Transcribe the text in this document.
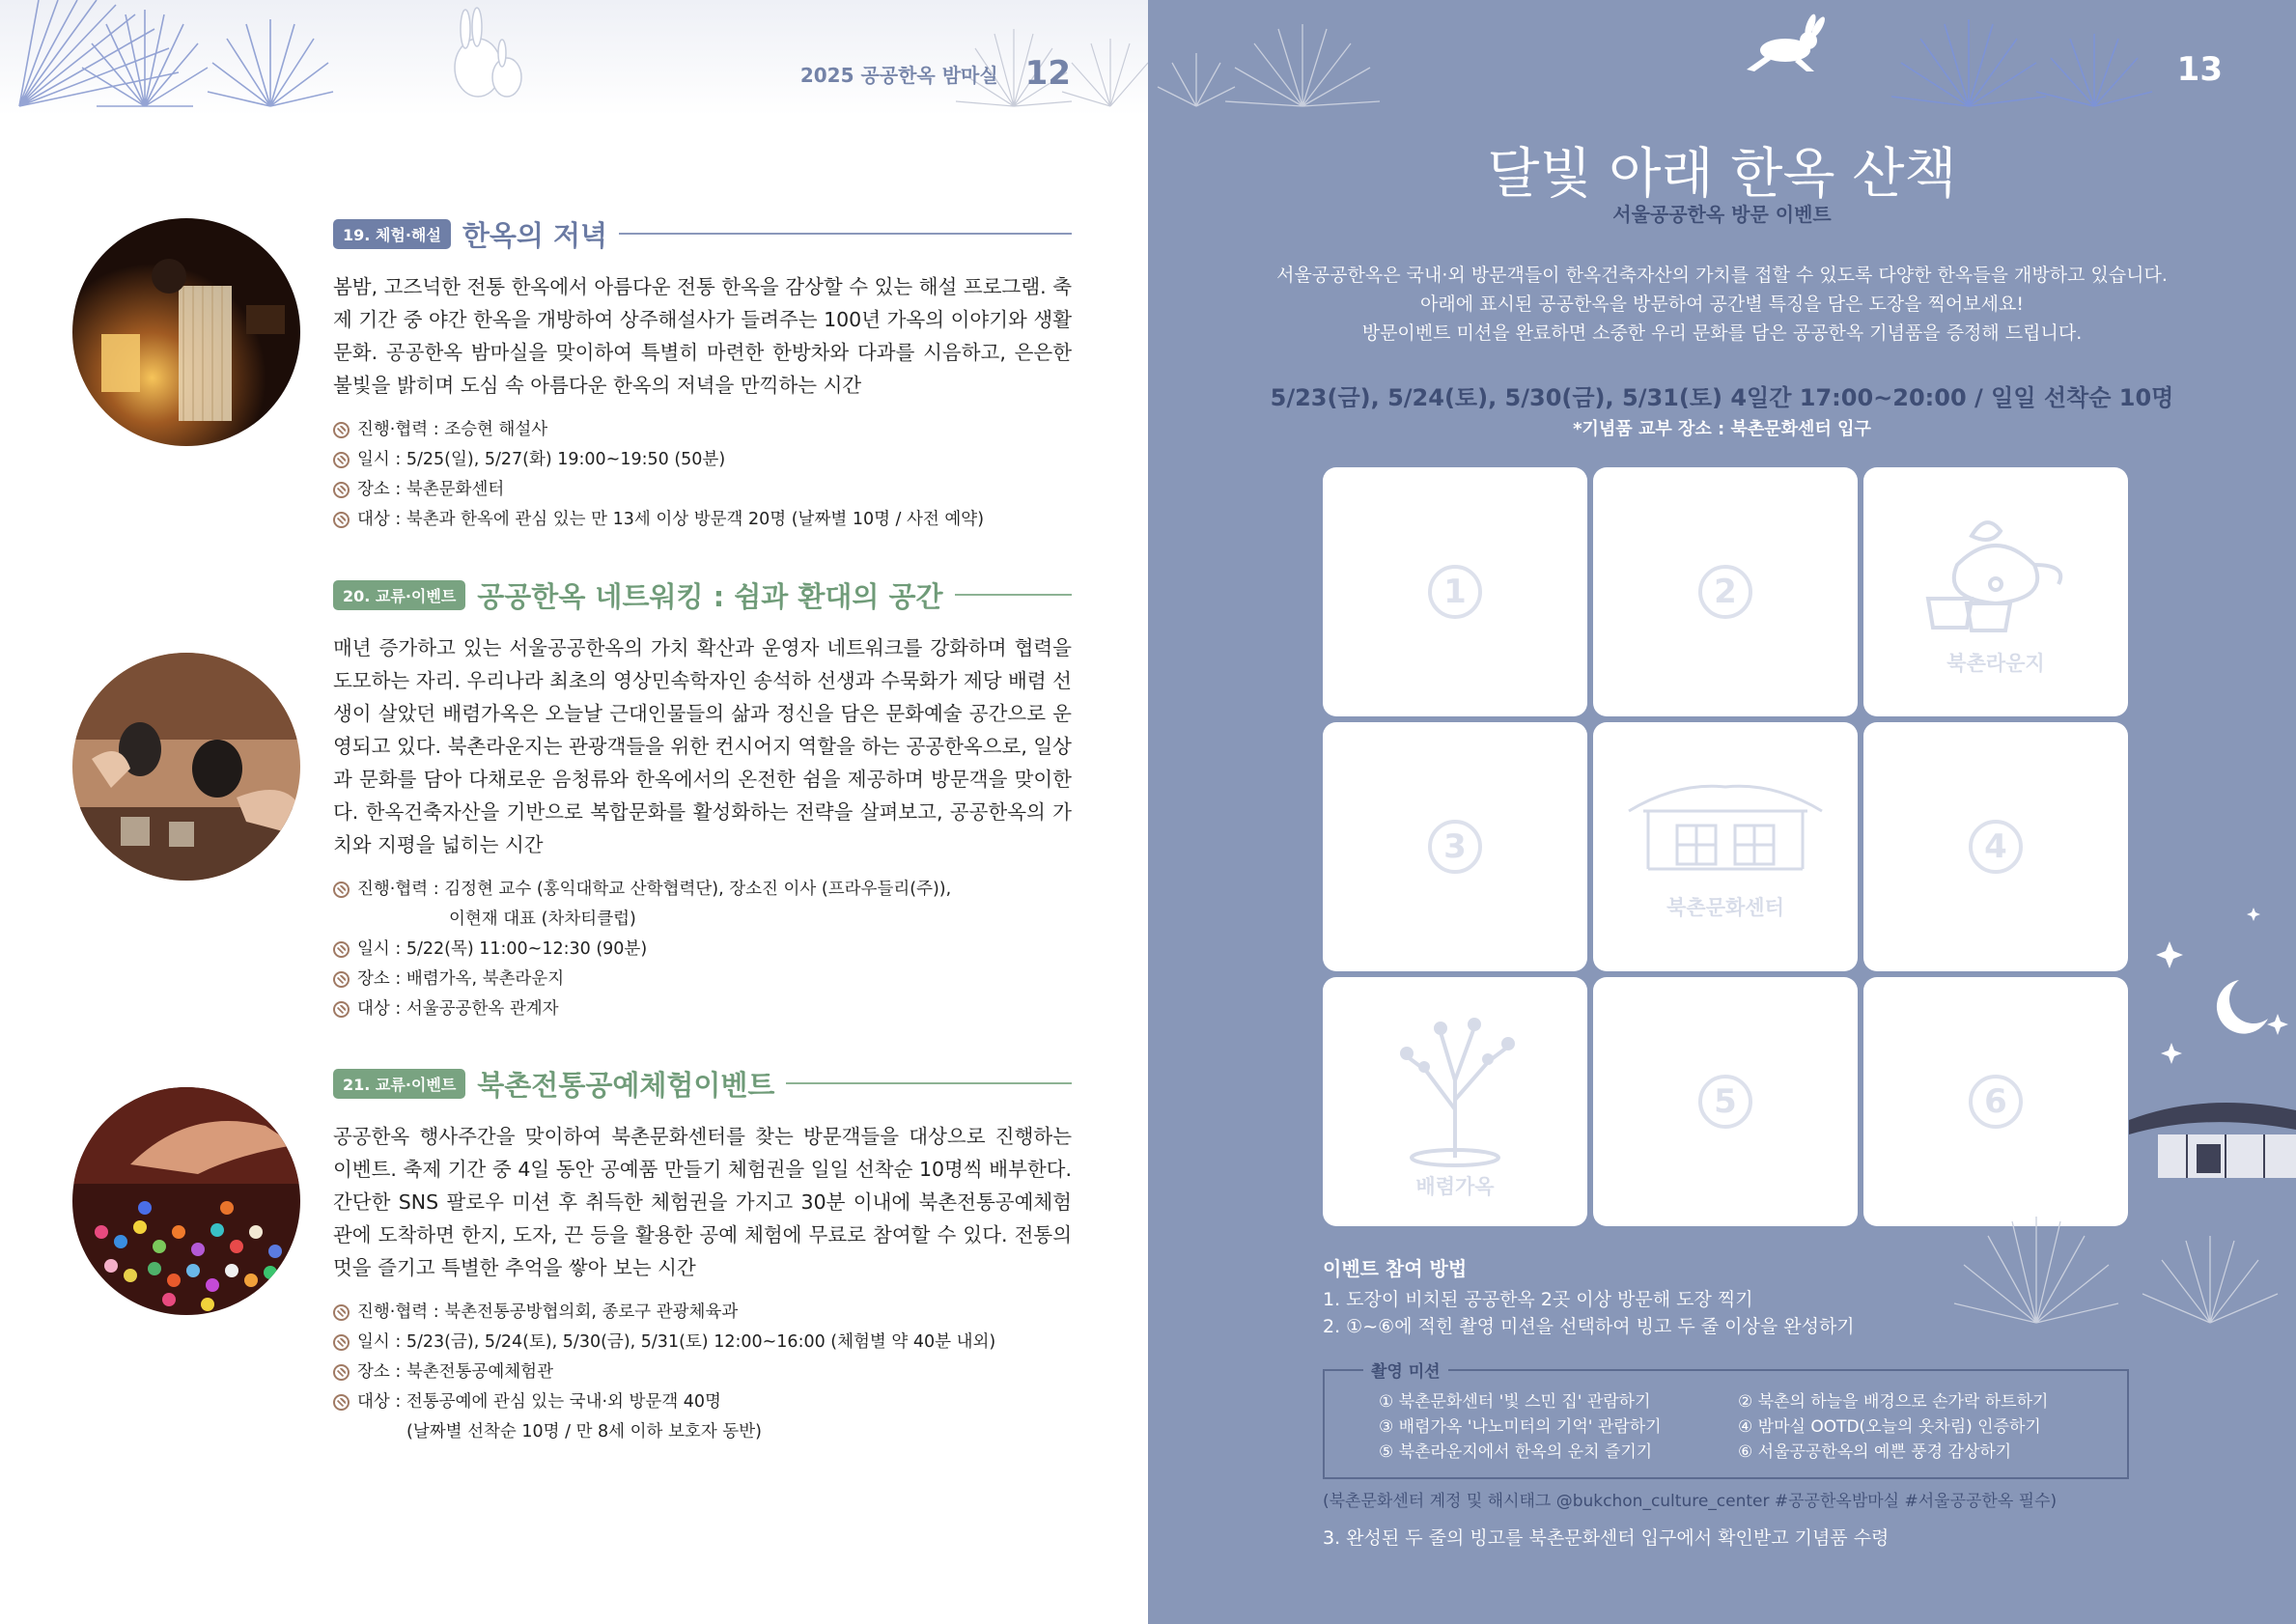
2025 공공한옥 밤마실 12
19. 체험·해설 한옥의 저녁

봄밤, 고즈넉한 전통 한옥에서 아름다운 전통 한옥을 감상할 수 있는 해설 프로그램. 축제 기간 중 야간 한옥을 개방하여 상주해설사가 들려주는 100년 가옥의 이야기와 생활 문화. 공공한옥 밤마실을 맞이하여 특별히 마련한 한방차와 다과를 시음하고, 은은한 불빛을 밝히며 도심 속 아름다운 한옥의 저녁을 만끽하는 시간

진행·협력 : 조승현 해설사
일시 : 5/25(일), 5/27(화) 19:00~19:50 (50분)
장소 : 북촌문화센터
대상 : 북촌과 한옥에 관심 있는 만 13세 이상 방문객 20명 (날짜별 10명 / 사전 예약)
20. 교류·이벤트 공공한옥 네트워킹 : 쉼과 환대의 공간

매년 증가하고 있는 서울공공한옥의 가치 확산과 운영자 네트워크를 강화하며 협력을 도모하는 자리. 우리나라 최초의 영상민속학자인 송석하 선생과 수묵화가 제당 배렴 선생이 살았던 배렴가옥은 오늘날 근대인물들의 삶과 정신을 담은 문화예술 공간으로 운영되고 있다. 북촌라운지는 관광객들을 위한 컨시어지 역할을 하는 공공한옥으로, 일상과 문화를 담아 다채로운 음청류와 한옥에서의 온전한 쉼을 제공하며 방문객을 맞이한다. 한옥건축자산을 기반으로 복합문화를 활성화하는 전략을 살펴보고, 공공한옥의 가치와 지평을 넓히는 시간

진행·협력 : 김정현 교수 (홍익대학교 산학협력단), 장소진 이사 (프라우들리(주)),
이현재 대표 (차차티클럽)
일시 : 5/22(목) 11:00~12:30 (90분)
장소 : 배렴가옥, 북촌라운지
대상 : 서울공공한옥 관계자
21. 교류·이벤트 북촌전통공예체험이벤트

공공한옥 행사주간을 맞이하여 북촌문화센터를 찾는 방문객들을 대상으로 진행하는 이벤트. 축제 기간 중 4일 동안 공예품 만들기 체험권을 일일 선착순 10명씩 배부한다. 간단한 SNS 팔로우 미션 후 취득한 체험권을 가지고 30분 이내에 북촌전통공예체험관에 도착하면 한지, 도자, 끈 등을 활용한 공예 체험에 무료로 참여할 수 있다. 전통의 멋을 즐기고 특별한 추억을 쌓아 보는 시간

진행·협력 : 북촌전통공방협의회, 종로구 관광체육과
일시 : 5/23(금), 5/24(토), 5/30(금), 5/31(토) 12:00~16:00 (체험별 약 40분 내외)
장소 : 북촌전통공예체험관
대상 : 전통공예에 관심 있는 국내·외 방문객 40명
(날짜별 선착순 10명 / 만 8세 이하 보호자 동반)
13
달빛 아래 한옥 산책
서울공공한옥 방문 이벤트
서울공공한옥은 국내·외 방문객들이 한옥건축자산의 가치를 접할 수 있도록 다양한 한옥들을 개방하고 있습니다.
아래에 표시된 공공한옥을 방문하여 공간별 특징을 담은 도장을 찍어보세요!
방문이벤트 미션을 완료하면 소중한 우리 문화를 담은 공공한옥 기념품을 증정해 드립니다.
5/23(금), 5/24(토), 5/30(금), 5/31(토) 4일간 17:00~20:00 / 일일 선착순 10명
*기념품 교부 장소 : 북촌문화센터 입구
1	2
북촌라운지
3
북촌문화센터
4
배렴가옥
5	6
이벤트 참여 방법
1. 도장이 비치된 공공한옥 2곳 이상 방문해 도장 찍기
2. ①~⑥에 적힌 촬영 미션을 선택하여 빙고 두 줄 이상을 완성하기
촬영 미션
① 북촌문화센터 '빛 스민 집' 관람하기	② 북촌의 하늘을 배경으로 손가락 하트하기
③ 배렴가옥 '나노미터의 기억' 관람하기	④ 밤마실 OOTD(오늘의 옷차림) 인증하기
⑤ 북촌라운지에서 한옥의 운치 즐기기	⑥ 서울공공한옥의 예쁜 풍경 감상하기
(북촌문화센터 계정 및 해시태그 @bukchon_culture_center #공공한옥밤마실 #서울공공한옥 필수)
3. 완성된 두 줄의 빙고를 북촌문화센터 입구에서 확인받고 기념품 수령
